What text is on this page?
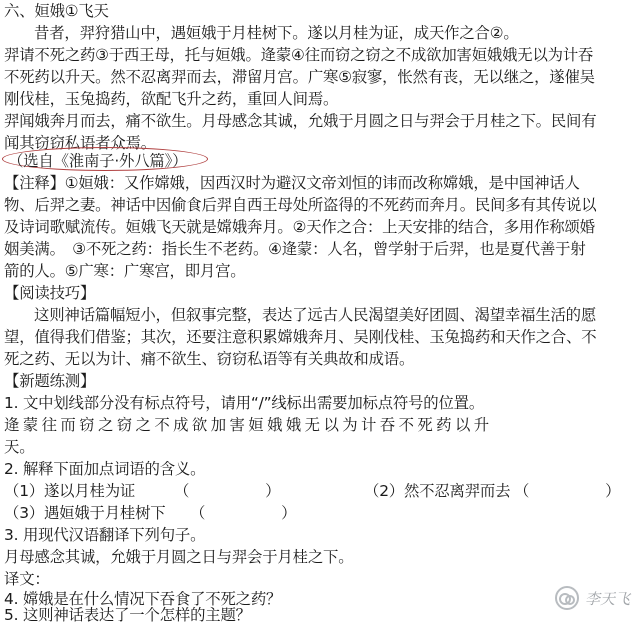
六、姮娥①飞天
昔者，羿狩猎山中，遇姮娥于月桂树下。遂以月桂为证，成天作之合②。
羿请不死之药③于西王母，托与姮娥。逄蒙④往而窃之窃之不成欲加害姮娥娥无以为计吞
不死药以升天。然不忍离羿而去，滞留月宫。广寒⑤寂寥，怅然有丧，无以继之，遂催吴
刚伐桂，玉兔捣药，欲配飞升之药，重回人间焉。
羿闻娥奔月而去，痛不欲生。月母感念其诚，允娥于月圆之日与羿会于月桂之下。民间有
闻其窃窃私语者众焉。
（选自《淮南子·外八篇》）
【注释】①姮娥：又作嫦娥，因西汉时为避汉文帝刘恒的讳而改称嫦娥，是中国神话人
物、后羿之妻。神话中因偷食后羿自西王母处所盗得的不死药而奔月。民间多有其传说以
及诗词歌赋流传。姮娥飞天就是嫦娥奔月。②天作之合：上天安排的结合，多用作称颂婚
姻美满。　③不死之药：指长生不老药。④逄蒙：人名，曾学射于后羿，也是夏代善于射
箭的人。⑤广寒：广寒宫，即月宫。
【阅读技巧】
这则神话篇幅短小，但叙事完整，表达了远古人民渴望美好团圆、渴望幸福生活的愿
望，值得我们借鉴；其次，还要注意积累嫦娥奔月、吴刚伐桂、玉兔捣药和天作之合、不
死之药、无以为计、痛不欲生、窃窃私语等有关典故和成语。
【新题练测】
1. 文中划线部分没有标点符号，请用“/”线标出需要加标点符号的位置。
逄蒙往而窃之窃之不成欲加害姮娥娥无以为计吞不死药以升
天。
2. 解释下面加点词语的含义。
（1）遂以月桂为证	（　　　　　）	（2）然不忍离羿而去 （　　　　　）
（3）遇姮娥于月桂树下	（　　　　　）
3. 用现代汉语翻译下列句子。
月母感念其诚，允娥于月圆之日与羿会于月桂之下。
译文：
4. 嫦娥是在什么情况下吞食了不死之药？
5. 这则神话表达了一个怎样的主题？
李天飞
